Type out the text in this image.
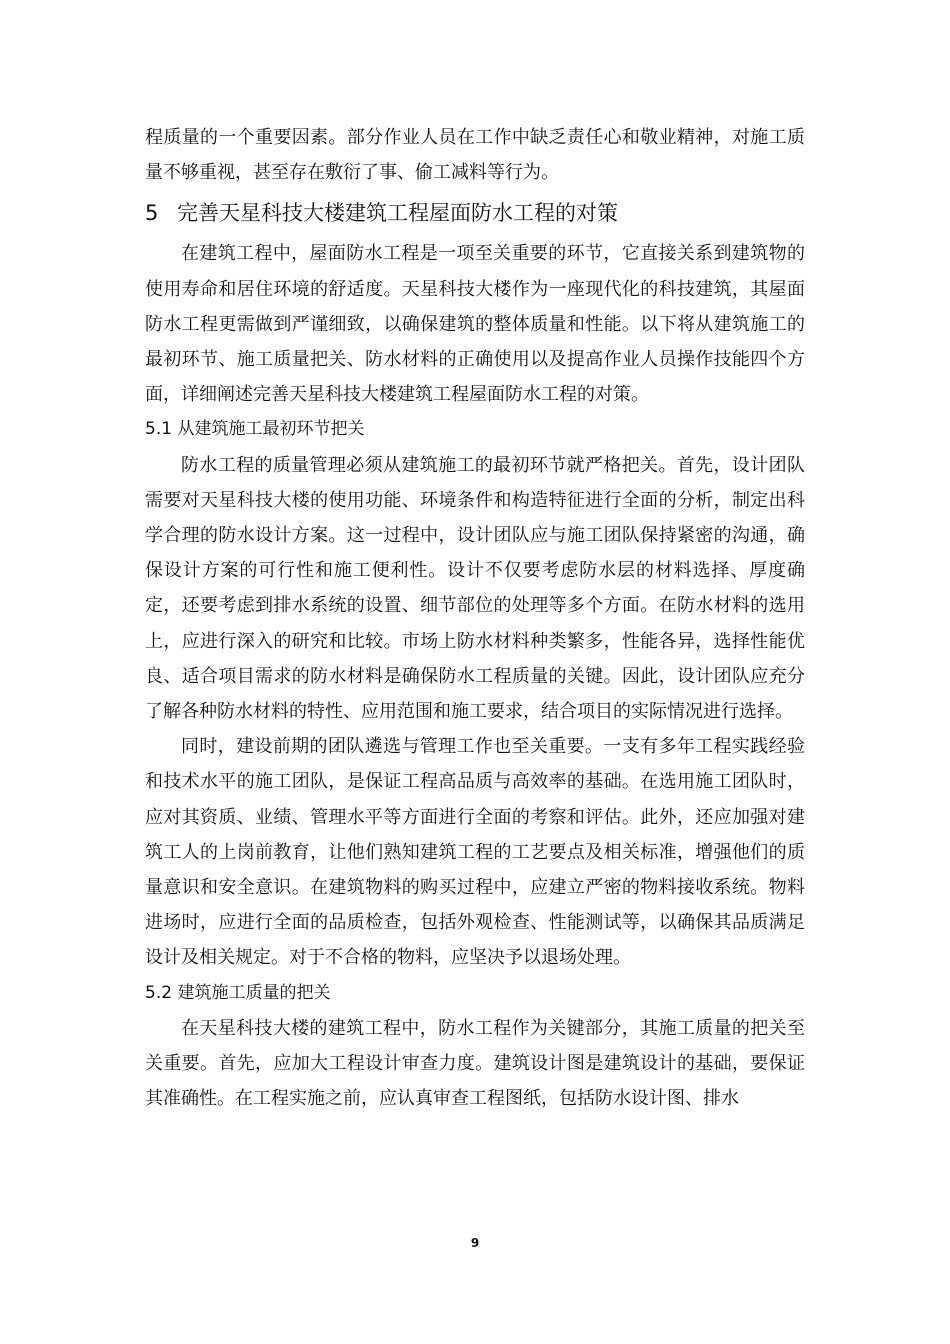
程质量的一个重要因素。部分作业人员在工作中缺乏责任心和敬业精神，对施工质量不够重视，甚至存在敷衍了事、偷工减料等行为。

5 完善天星科技大楼建筑工程屋面防水工程的对策

在建筑工程中，屋面防水工程是一项至关重要的环节，它直接关系到建筑物的使用寿命和居住环境的舒适度。天星科技大楼作为一座现代化的科技建筑，其屋面防水工程更需做到严谨细致，以确保建筑的整体质量和性能。以下将从建筑施工的最初环节、施工质量把关、防水材料的正确使用以及提高作业人员操作技能四个方面，详细阐述完善天星科技大楼建筑工程屋面防水工程的对策。

5.1 从建筑施工最初环节把关

防水工程的质量管理必须从建筑施工的最初环节就严格把关。首先，设计团队需要对天星科技大楼的使用功能、环境条件和构造特征进行全面的分析，制定出科学合理的防水设计方案。这一过程中，设计团队应与施工团队保持紧密的沟通，确保设计方案的可行性和施工便利性。设计不仅要考虑防水层的材料选择、厚度确定，还要考虑到排水系统的设置、细节部位的处理等多个方面。在防水材料的选用上，应进行深入的研究和比较。市场上防水材料种类繁多，性能各异，选择性能优良、适合项目需求的防水材料是确保防水工程质量的关键。因此，设计团队应充分了解各种防水材料的特性、应用范围和施工要求，结合项目的实际情况进行选择。

同时，建设前期的团队遴选与管理工作也至关重要。一支有多年工程实践经验和技术水平的施工团队，是保证工程高品质与高效率的基础。在选用施工团队时，应对其资质、业绩、管理水平等方面进行全面的考察和评估。此外，还应加强对建筑工人的上岗前教育，让他们熟知建筑工程的工艺要点及相关标准，增强他们的质量意识和安全意识。在建筑物料的购买过程中，应建立严密的物料接收系统。物料进场时，应进行全面的品质检查，包括外观检查、性能测试等，以确保其品质满足设计及相关规定。对于不合格的物料，应坚决予以退场处理。

5.2 建筑施工质量的把关

在天星科技大楼的建筑工程中，防水工程作为关键部分，其施工质量的把关至关重要。首先，应加大工程设计审查力度。建筑设计图是建筑设计的基础，要保证其准确性。在工程实施之前，应认真审查工程图纸，包括防水设计图、排水

9
